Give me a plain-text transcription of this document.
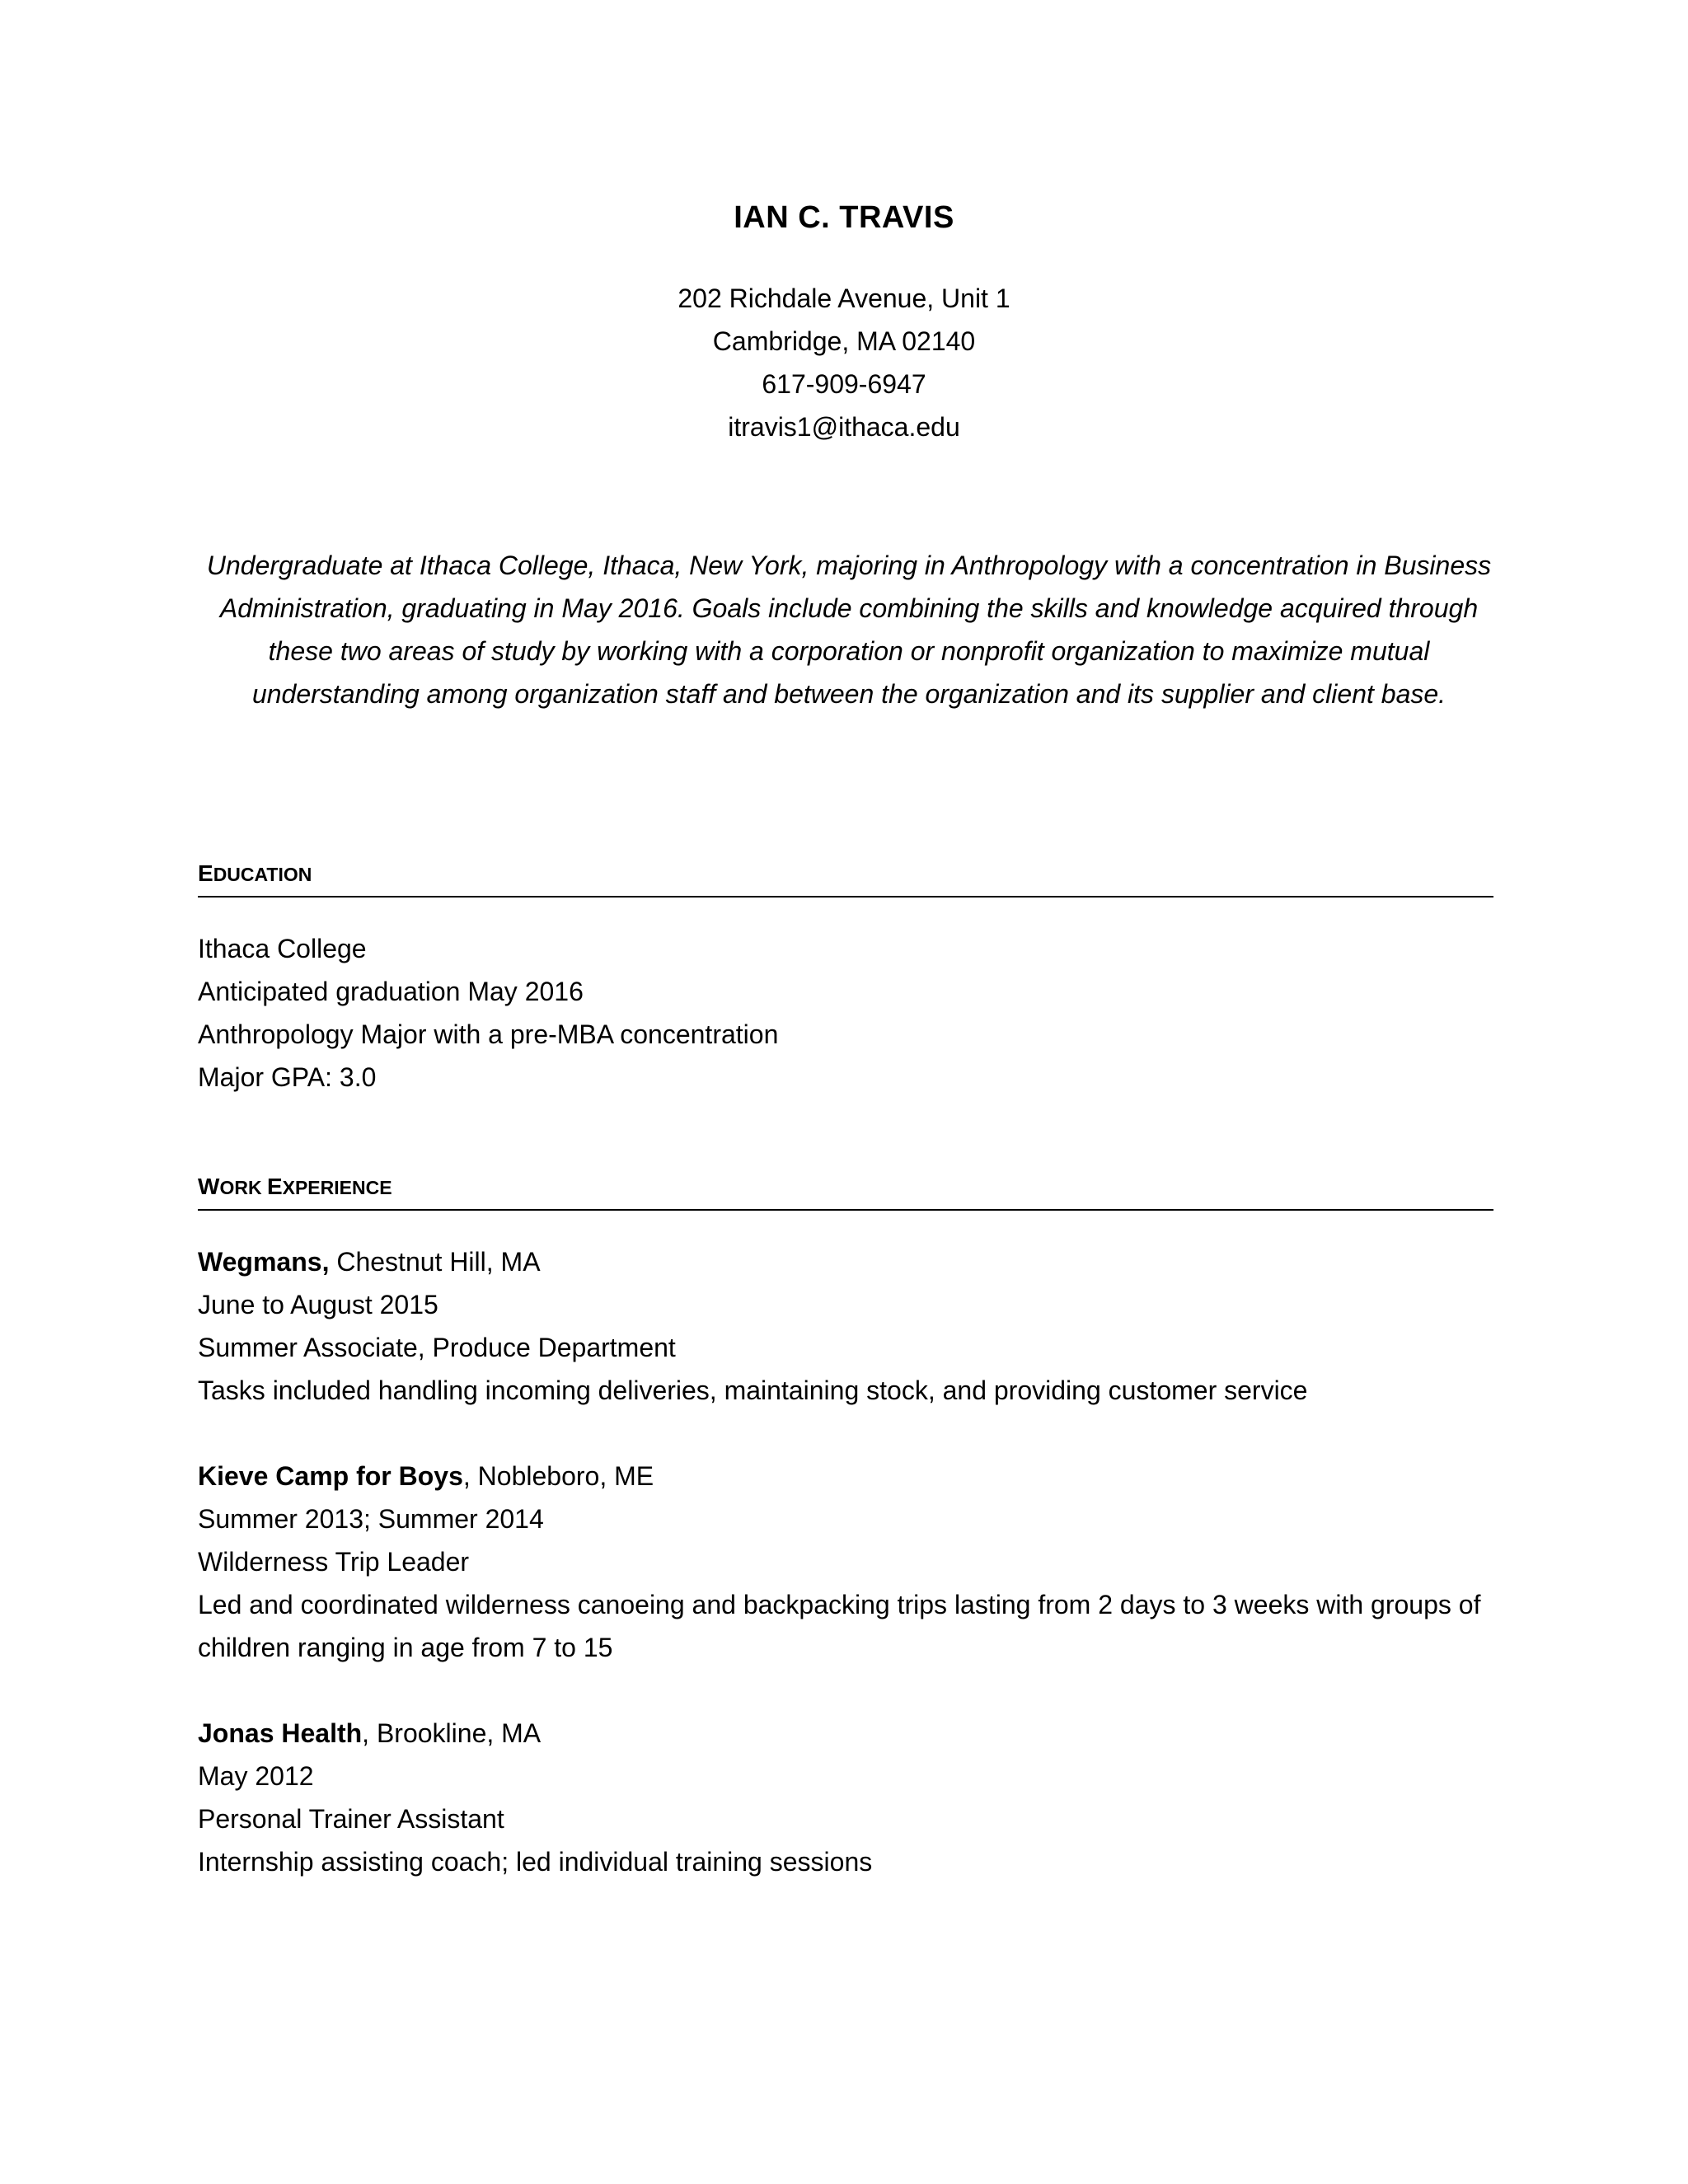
IAN C. TRAVIS

202 Richdale Avenue, Unit 1

Cambridge, MA 02140

617-909-6947

itravis1@ithaca.edu

Undergraduate at Ithaca College, Ithaca, New York, majoring in Anthropology with a concentration in Business Administration, graduating in May 2016. Goals include combining the skills and knowledge acquired through these two areas of study by working with a corporation or nonprofit organization to maximize mutual understanding among organization staff and between the organization and its supplier and client base.

EDUCATION

Ithaca College

Anticipated graduation May 2016

Anthropology Major with a pre-MBA concentration

Major GPA: 3.0

WORK EXPERIENCE

Wegmans, Chestnut Hill, MA

June to August 2015

Summer Associate, Produce Department

Tasks included handling incoming deliveries, maintaining stock, and providing customer service

Kieve Camp for Boys, Nobleboro, ME

Summer 2013; Summer 2014

Wilderness Trip Leader

Led and coordinated wilderness canoeing and backpacking trips lasting from 2 days to 3 weeks with groups of children ranging in age from 7 to 15

Jonas Health, Brookline, MA

May 2012

Personal Trainer Assistant

Internship assisting coach; led individual training sessions
